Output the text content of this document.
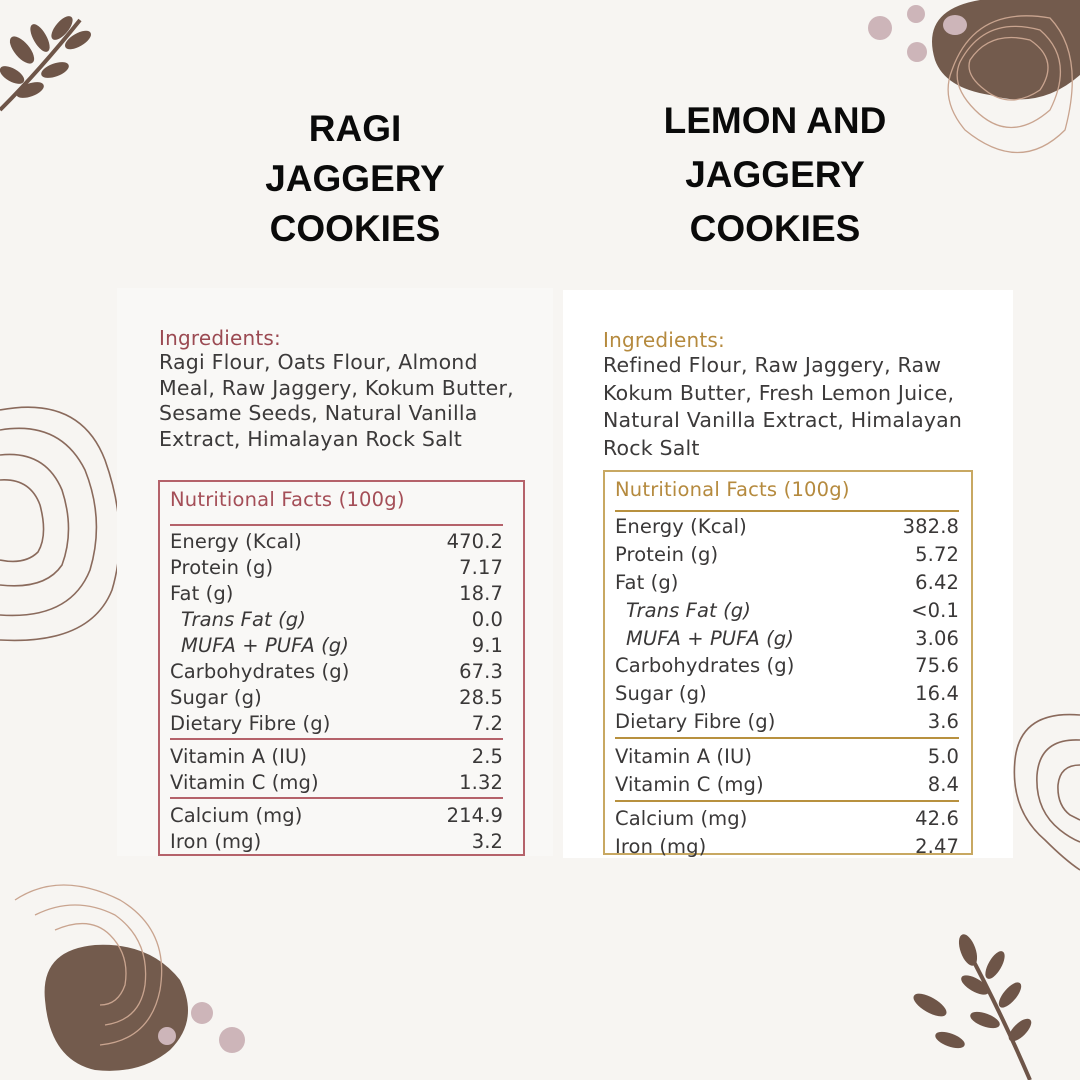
RAGI
JAGGERY
COOKIES
LEMON AND
JAGGERY
COOKIES
Ingredients:
Ragi Flour, Oats Flour, Almond Meal, Raw Jaggery, Kokum Butter, Sesame Seeds, Natural Vanilla Extract, Himalayan Rock Salt
Nutritional Facts (100g)
Energy (Kcal)	470.2
Protein (g)	7.17
Fat (g)	18.7
Trans Fat (g)	0.0
MUFA + PUFA (g)	9.1
Carbohydrates (g)	67.3
Sugar (g)	28.5
Dietary Fibre (g)	7.2
Vitamin A (IU)	2.5
Vitamin C (mg)	1.32
Calcium (mg)	214.9
Iron (mg)	3.2
Ingredients:
Refined Flour, Raw Jaggery, Raw Kokum Butter, Fresh Lemon Juice, Natural Vanilla Extract, Himalayan Rock Salt
Nutritional Facts (100g)
Energy (Kcal)	382.8
Protein (g)	5.72
Fat (g)	6.42
Trans Fat (g)	<0.1
MUFA + PUFA (g)	3.06
Carbohydrates (g)	75.6
Sugar (g)	16.4
Dietary Fibre (g)	3.6
Vitamin A (IU)	5.0
Vitamin C (mg)	8.4
Calcium (mg)	42.6
Iron (mg)	2.47
